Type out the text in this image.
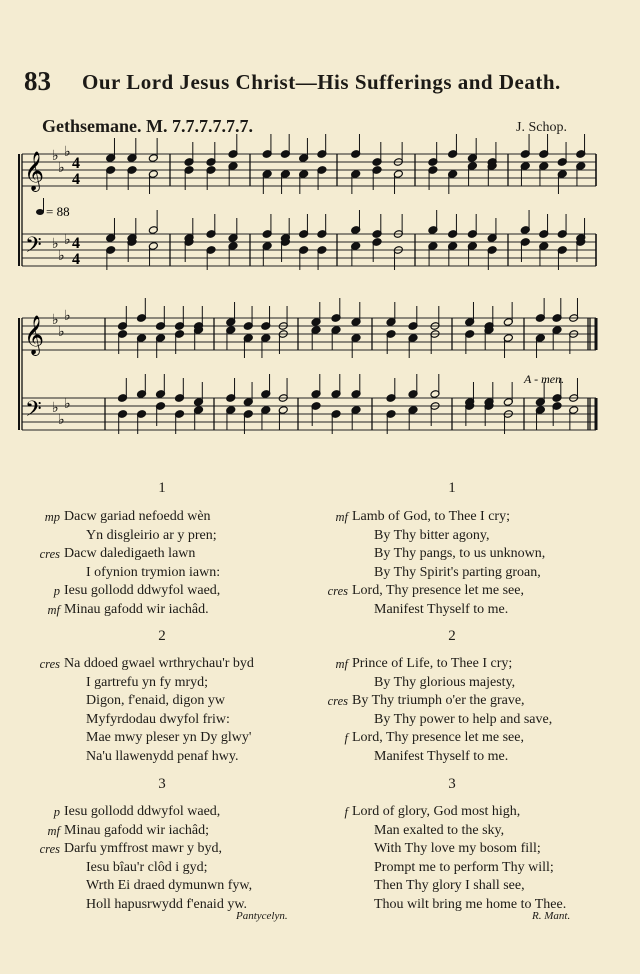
83 Our Lord Jesus Christ—His Sufferings and Death.
Gethsemane. M. 7.7.7.7.7.7.	J. Schop.
𝄞
𝄢
♭
♭
♭
♭
♭
♭
4
4
4
4
𝄞
𝄢
♭
♭
♭
♭
♭
♭
= 88
A - men.
1
mp Dacw gariad nefoedd wèn
Yn disgleirio ar y pren;
cres Dacw daledigaeth lawn
I ofynion trymion iawn:
p Iesu gollodd ddwyfol waed,
mf Minau gafodd wir iachâd.
2
cres Na ddoed gwael wrthrychau'r byd
I gartrefu yn fy mryd;
Digon, f'enaid, digon yw
Myfyrdodau dwyfol friw:
Mae mwy pleser yn Dy glwy'
Na'u llawenydd penaf hwy.
3
p Iesu gollodd ddwyfol waed,
mf Minau gafodd wir iachâd;
cres Darfu ymffrost mawr y byd,
Iesu bîau'r clôd i gyd;
Wrth Ei draed dymunwn fyw,
Holl hapusrwydd f'enaid yw.
Pantycelyn.
1
mf Lamb of God, to Thee I cry;
By Thy bitter agony,
By Thy pangs, to us unknown,
By Thy Spirit's parting groan,
cres Lord, Thy presence let me see,
Manifest Thyself to me.
2
mf Prince of Life, to Thee I cry;
By Thy glorious majesty,
cres By Thy triumph o'er the grave,
By Thy power to help and save,
f Lord, Thy presence let me see,
Manifest Thyself to me.
3
f Lord of glory, God most high,
Man exalted to the sky,
With Thy love my bosom fill;
Prompt me to perform Thy will;
Then Thy glory I shall see,
Thou wilt bring me home to Thee.
R. Mant.
